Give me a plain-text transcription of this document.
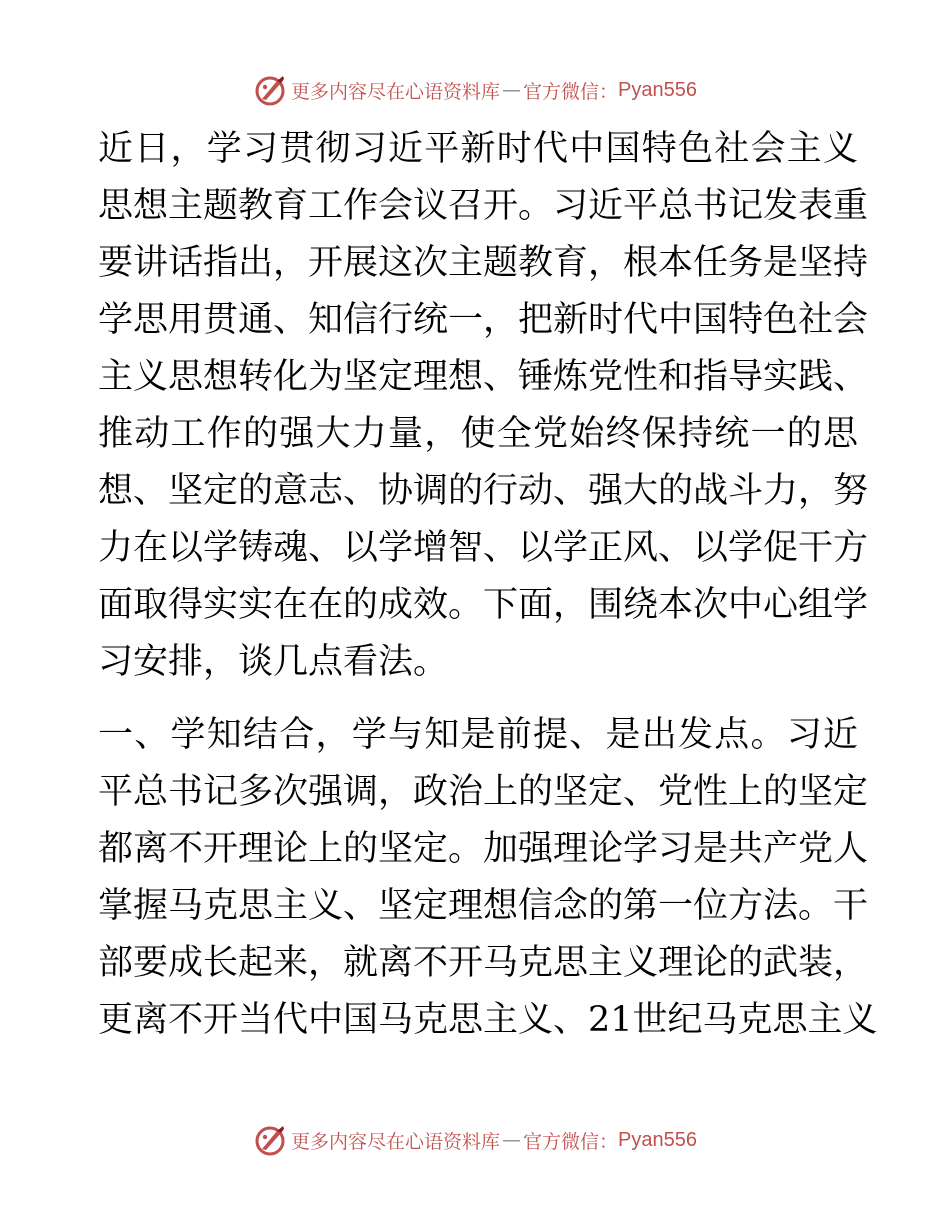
更多内容尽在心语资料库 — 官方微信： Pyan556

近日，学习贯彻习近平新时代中国特色社会主义
思想主题教育工作会议召开。习近平总书记发表重
要讲话指出，开展这次主题教育，根本任务是坚持
学思用贯通、知信行统一，把新时代中国特色社会
主义思想转化为坚定理想、锤炼党性和指导实践、
推动工作的强大力量，使全党始终保持统一的思
想、坚定的意志、协调的行动、强大的战斗力，努
力在以学铸魂、以学增智、以学正风、以学促干方
面取得实实在在的成效。下面，围绕本次中心组学
习安排，谈几点看法。

一、学知结合，学与知是前提、是出发点。习近
平总书记多次强调，政治上的坚定、党性上的坚定
都离不开理论上的坚定。加强理论学习是共产党人
掌握马克思主义、坚定理想信念的第一位方法。干
部要成长起来，就离不开马克思主义理论的武装，
更离不开当代中国马克思主义、21世纪马克思主义

更多内容尽在心语资料库 — 官方微信： Pyan556
